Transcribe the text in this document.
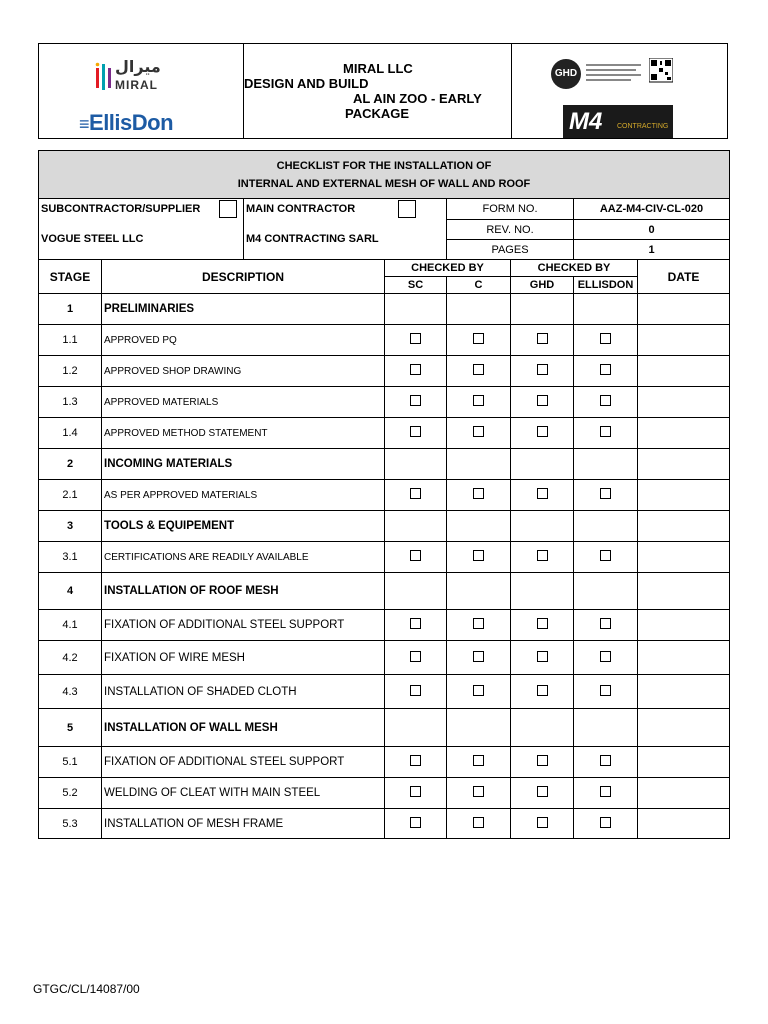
ميرال
MIRAL
≡EllisDon
MIRAL LLC
DESIGN AND BUILD
AL AIN ZOO - EARLY
PACKAGE
GHD
M4 CONTRACTING
CHECKLIST FOR THE INSTALLATION OF
INTERNAL AND EXTERNAL MESH OF WALL AND ROOF							

SUBCONTRACTOR/SUPPLIER		MAIN CONTRACTOR		FORM NO.		AAZ-M4-CIV-CL-020	
VOGUE STEEL LLC		M4 CONTRACTING SARL		REV. NO.		0	
				PAGES		1	
STAGE	DESCRIPTION		CHECKED BY		CHECKED BY		DATE
			SC	C	GHD	ELLISDON	
1	PRELIMINARIES						
1.1	APPROVED PQ						
1.2	APPROVED SHOP DRAWING						
1.3	APPROVED MATERIALS						
1.4	APPROVED METHOD STATEMENT						
2	INCOMING MATERIALS						
2.1	AS PER APPROVED MATERIALS						
3	TOOLS & EQUIPEMENT						
3.1	CERTIFICATIONS ARE READILY AVAILABLE						
4	INSTALLATION OF ROOF MESH						
4.1	FIXATION OF ADDITIONAL STEEL SUPPORT						
4.2	FIXATION OF WIRE MESH						
4.3	INSTALLATION OF SHADED CLOTH						
5	INSTALLATION OF WALL MESH						
5.1	FIXATION OF ADDITIONAL STEEL SUPPORT						
5.2	WELDING OF CLEAT WITH MAIN STEEL						
5.3	INSTALLATION OF MESH FRAME						
GTGC/CL/14087/00
